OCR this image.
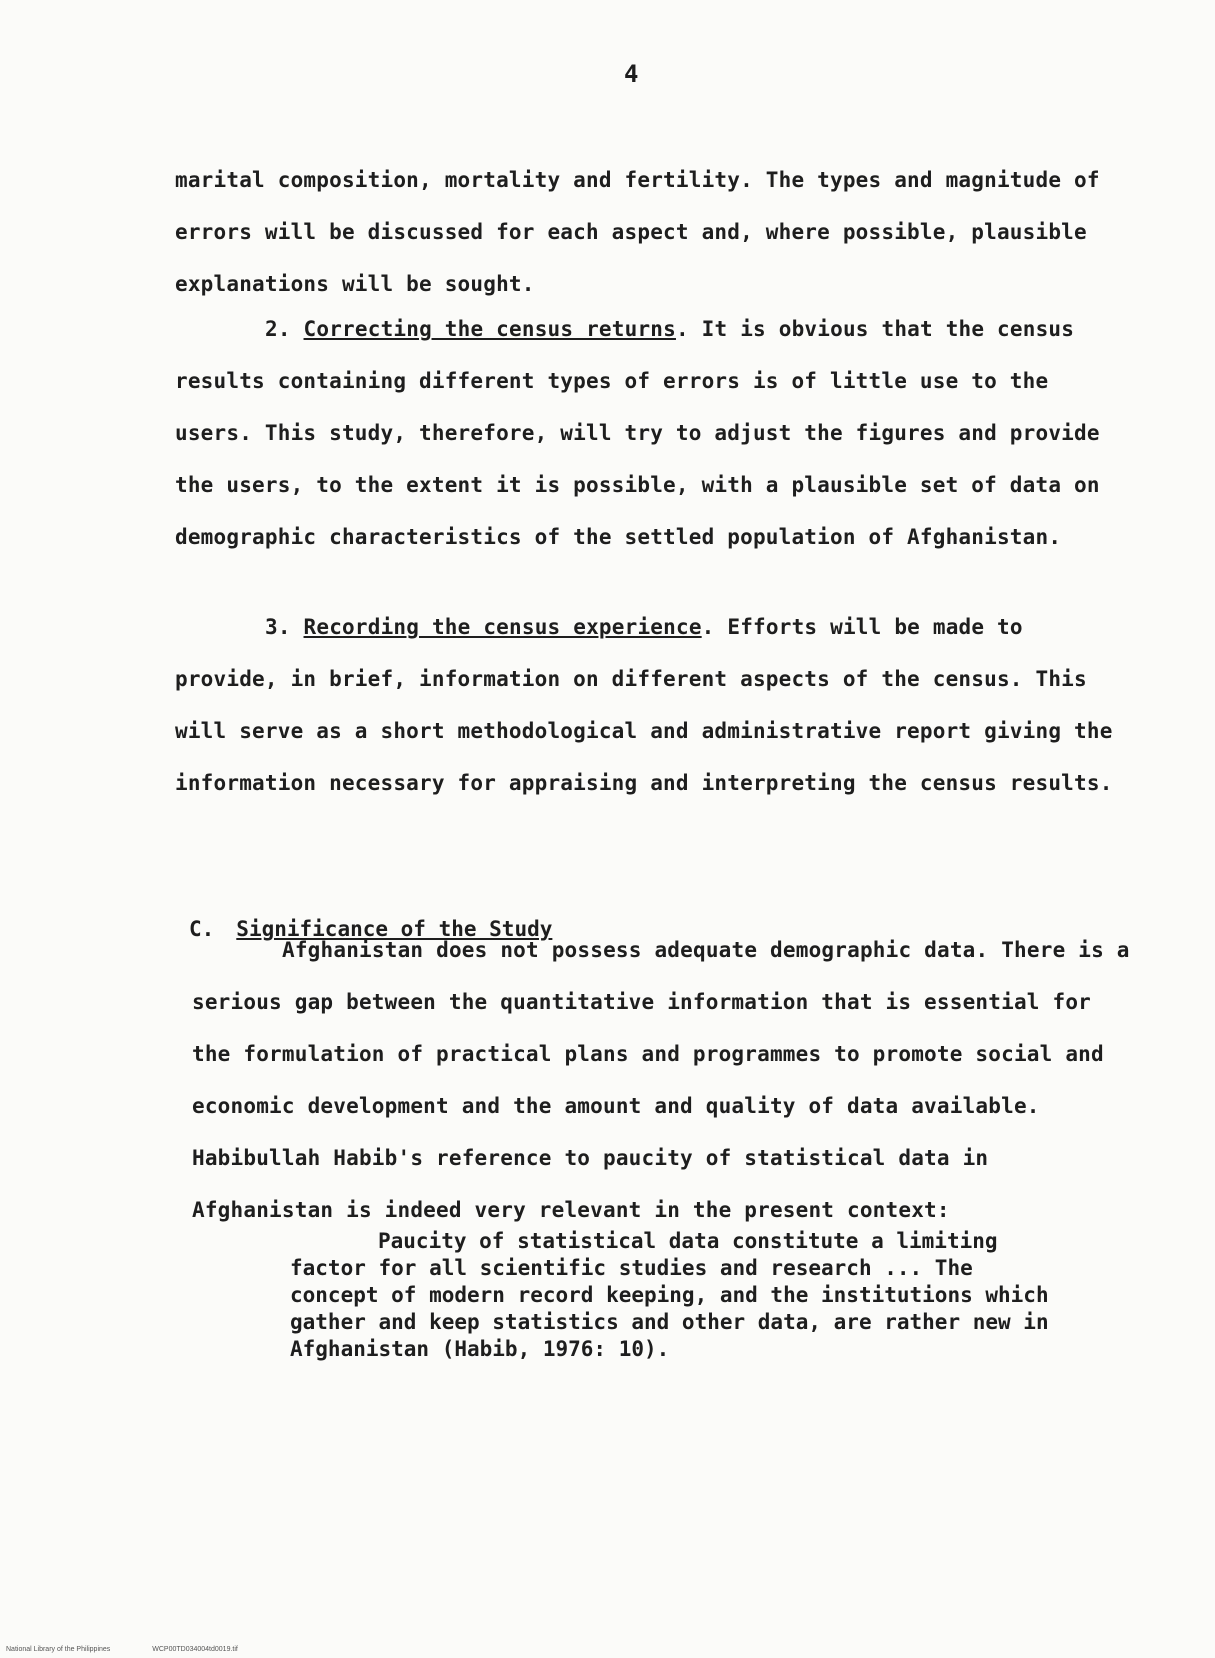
4
marital composition, mortality and fertility. The types and magnitude of errors will be discussed for each aspect and, where possible, plausible explanations will be sought.
2. Correcting the census returns. It is obvious that the census results containing different types of errors is of little use to the users. This study, therefore, will try to adjust the figures and provide the users, to the extent it is possible, with a plausible set of data on demographic characteristics of the settled population of Afghanistan.
3. Recording the census experience. Efforts will be made to provide, in brief, information on different aspects of the census. This will serve as a short methodological and administrative report giving the information necessary for appraising and interpreting the census results.
C. Significance of the Study
Afghanistan does not possess adequate demographic data. There is a serious gap between the quantitative information that is essential for the formulation of practical plans and programmes to promote social and economic development and the amount and quality of data available. Habibullah Habib's reference to paucity of statistical data in Afghanistan is indeed very relevant in the present context:
Paucity of statistical data constitute a limiting factor for all scientific studies and research ... The concept of modern record keeping, and the institutions which gather and keep statistics and other data, are rather new in Afghanistan (Habib, 1976: 10).
National Library of the Philippines	WCP00TD034004td0019.tif
